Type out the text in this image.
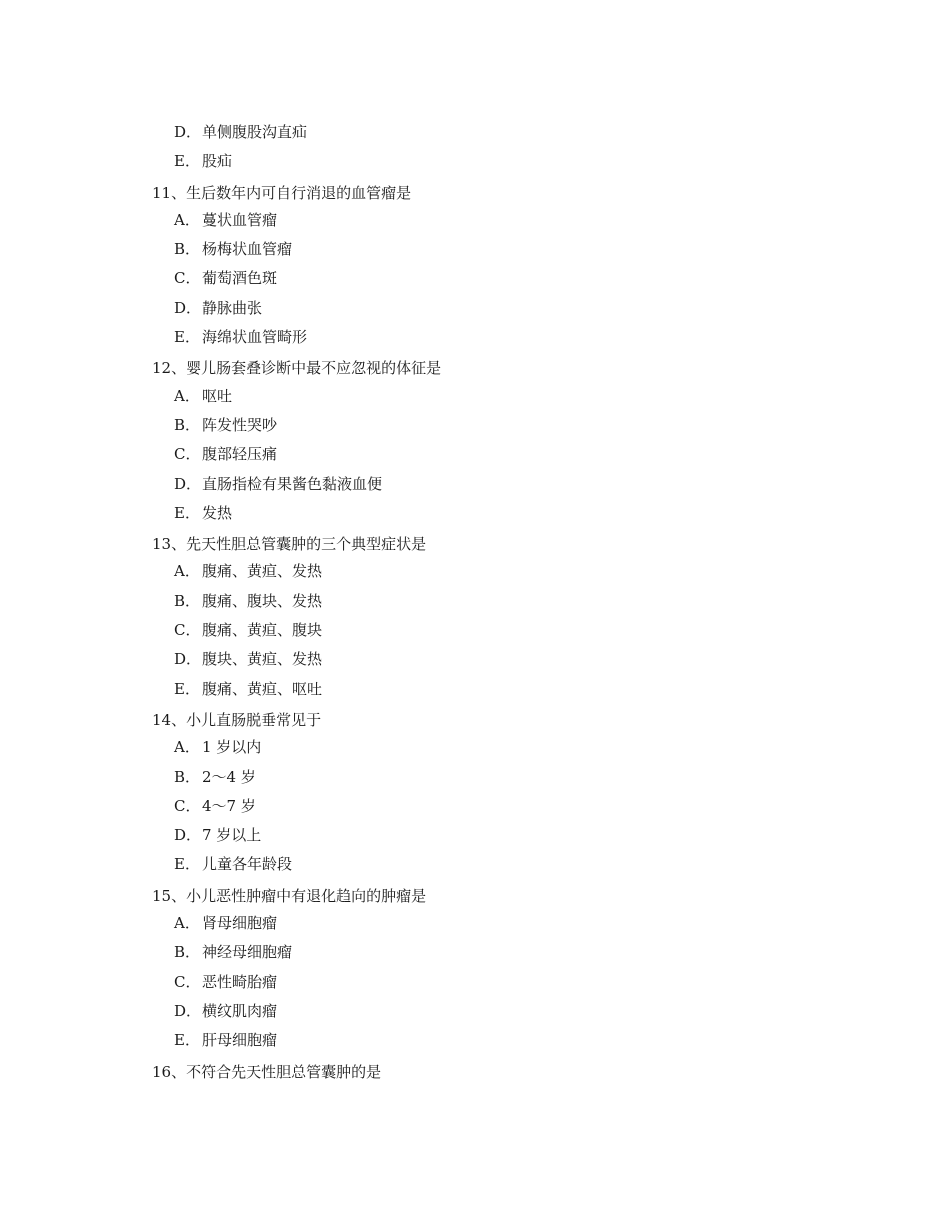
D．单侧腹股沟直疝
E． 股疝
11、生后数年内可自行消退的血管瘤是
A． 蔓状血管瘤
B． 杨梅状血管瘤
C． 葡萄酒色斑
D．静脉曲张
E． 海绵状血管畸形
12、婴儿肠套叠诊断中最不应忽视的体征是
A． 呕吐
B． 阵发性哭吵
C． 腹部轻压痛
D．直肠指检有果酱色黏液血便
E． 发热
13、先天性胆总管囊肿的三个典型症状是
A． 腹痛、黄疸、发热
B． 腹痛、腹块、发热
C． 腹痛、黄疸、腹块
D．腹块、黄疸、发热
E． 腹痛、黄疸、呕吐
14、小儿直肠脱垂常见于
A． 1 岁以内
B． 2～4 岁
C． 4～7 岁
D．7 岁以上
E． 儿童各年龄段
15、小儿恶性肿瘤中有退化趋向的肿瘤是
A． 肾母细胞瘤
B． 神经母细胞瘤
C． 恶性畸胎瘤
D．横纹肌肉瘤
E． 肝母细胞瘤
16、不符合先天性胆总管囊肿的是
